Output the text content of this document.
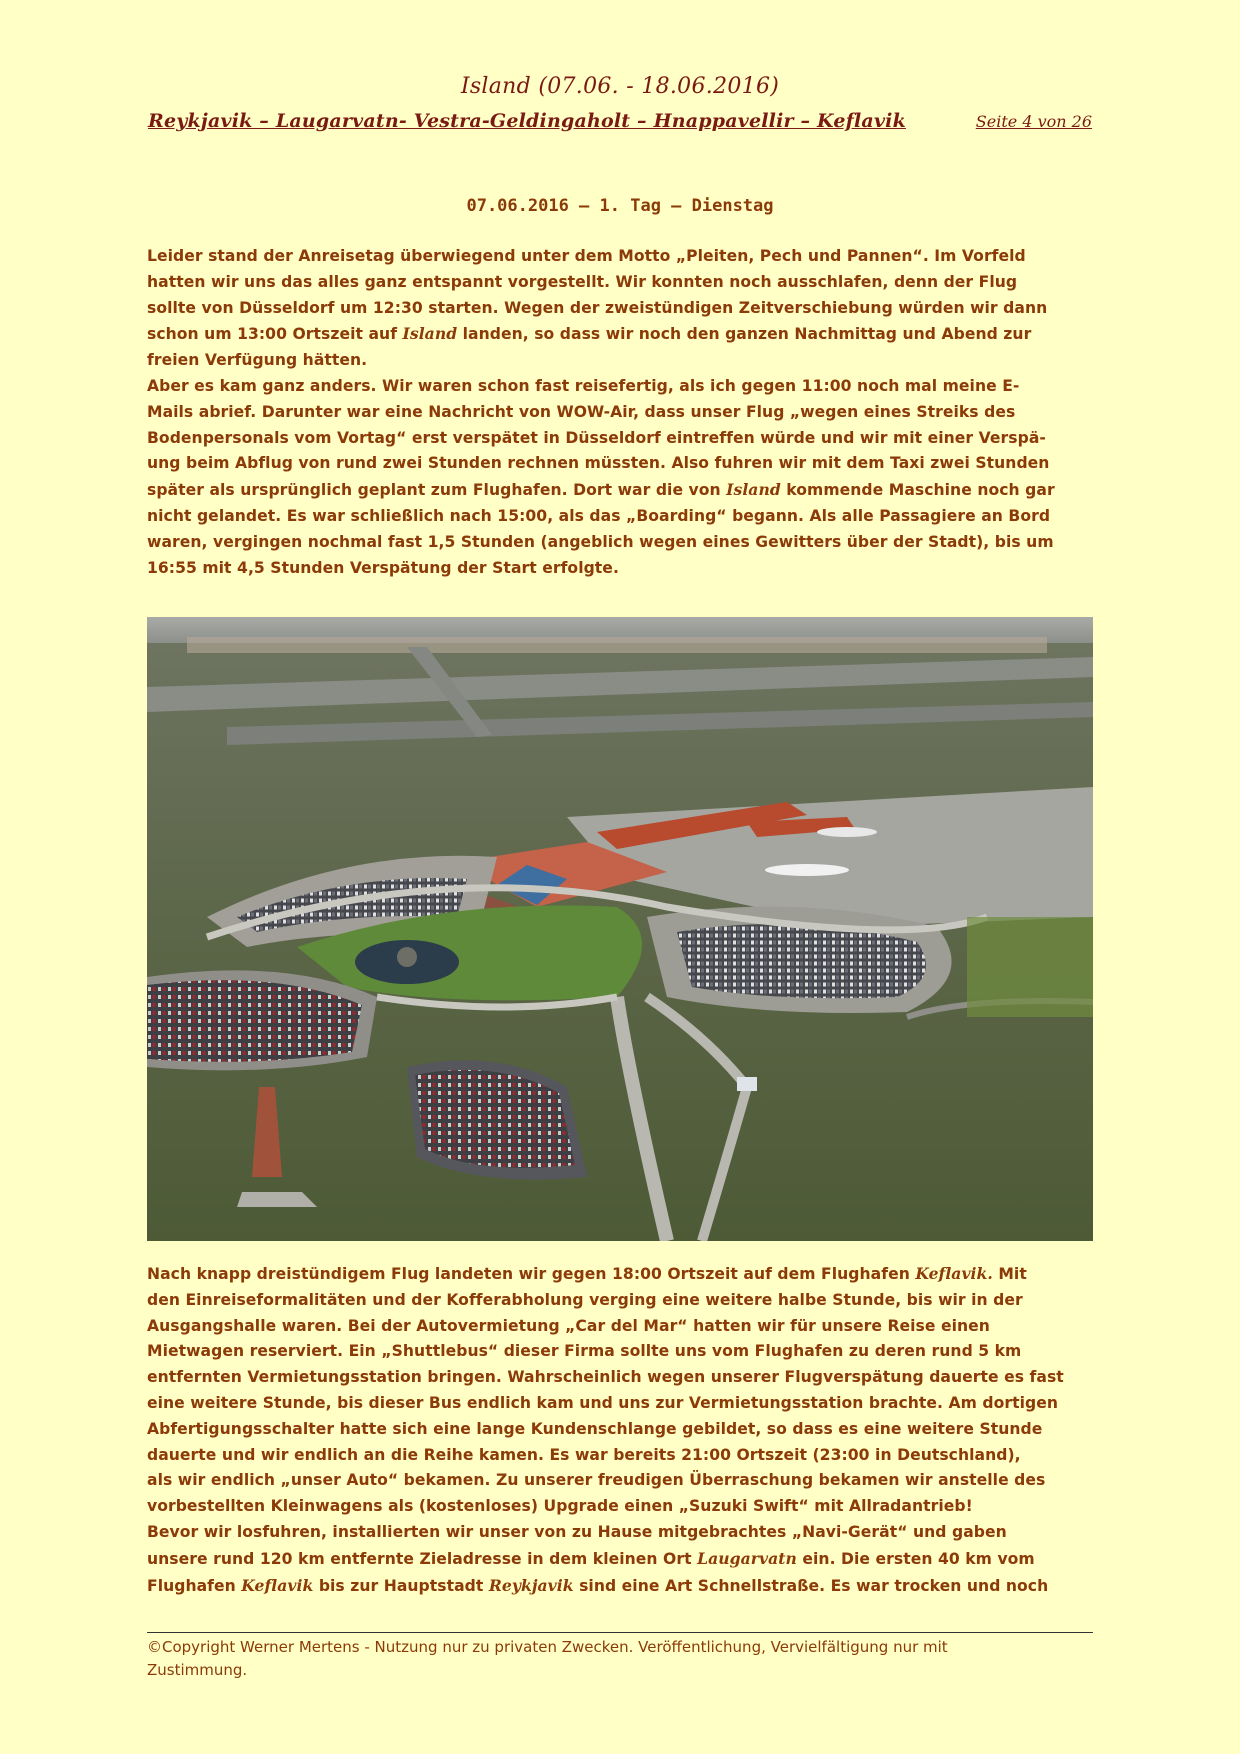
Island (07.06. - 18.06.2016)
Reykjavik – Laugarvatn- Vestra-Geldingaholt – Hnappavellir – Keflavik	Seite 4 von 26
07.06.2016 – 1. Tag – Dienstag

Leider stand der Anreisetag überwiegend unter dem Motto „Pleiten, Pech und Pannen“. Im Vorfeld

hatten wir uns das alles ganz entspannt vorgestellt. Wir konnten noch ausschlafen, denn der Flug

sollte von Düsseldorf um 12:30 starten. Wegen der zweistündigen Zeitverschiebung würden wir dann

schon um 13:00 Ortszeit auf Island landen, so dass wir noch den ganzen Nachmittag und Abend zur

freien Verfügung hätten.

Aber es kam ganz anders. Wir waren schon fast reisefertig, als ich gegen 11:00 noch mal meine E-

Mails abrief. Darunter war eine Nachricht von WOW-Air, dass unser Flug „wegen eines Streiks des

Bodenpersonals vom Vortag“ erst verspätet in Düsseldorf eintreffen würde und wir mit einer Verspä-

ung beim Abflug von rund zwei Stunden rechnen müssten. Also fuhren wir mit dem Taxi zwei Stunden

später als ursprünglich geplant zum Flughafen. Dort war die von Island kommende Maschine noch gar

nicht gelandet. Es war schließlich nach 15:00, als das „Boarding“ begann. Als alle Passagiere an Bord

waren, vergingen nochmal fast 1,5 Stunden (angeblich wegen eines Gewitters über der Stadt), bis um

16:55 mit 4,5 Stunden Verspätung der Start erfolgte.

Nach knapp dreistündigem Flug landeten wir gegen 18:00 Ortszeit auf dem Flughafen Keflavik. Mit

den Einreiseformalitäten und der Kofferabholung verging eine weitere halbe Stunde, bis wir in der

Ausgangshalle waren. Bei der Autovermietung „Car del Mar“ hatten wir für unsere Reise einen

Mietwagen reserviert. Ein „Shuttlebus“ dieser Firma sollte uns vom Flughafen zu deren rund 5 km

entfernten Vermietungsstation bringen. Wahrscheinlich wegen unserer Flugverspätung dauerte es fast

eine weitere Stunde, bis dieser Bus endlich kam und uns zur Vermietungsstation brachte. Am dortigen

Abfertigungsschalter hatte sich eine lange Kundenschlange gebildet, so dass es eine weitere Stunde

dauerte und wir endlich an die Reihe kamen. Es war bereits 21:00 Ortszeit (23:00 in Deutschland),

als wir endlich „unser Auto“ bekamen. Zu unserer freudigen Überraschung bekamen wir anstelle des

vorbestellten Kleinwagens als (kostenloses) Upgrade einen „Suzuki Swift“ mit Allradantrieb!

Bevor wir losfuhren, installierten wir unser von zu Hause mitgebrachtes „Navi-Gerät“ und gaben

unsere rund 120 km entfernte Zieladresse in dem kleinen Ort Laugarvatn ein. Die ersten 40 km vom

Flughafen Keflavik bis zur Hauptstadt Reykjavik sind eine Art Schnellstraße. Es war trocken und noch

©Copyright Werner Mertens - Nutzung nur zu privaten Zwecken. Veröffentlichung, Vervielfältigung nur mit
Zustimmung.
